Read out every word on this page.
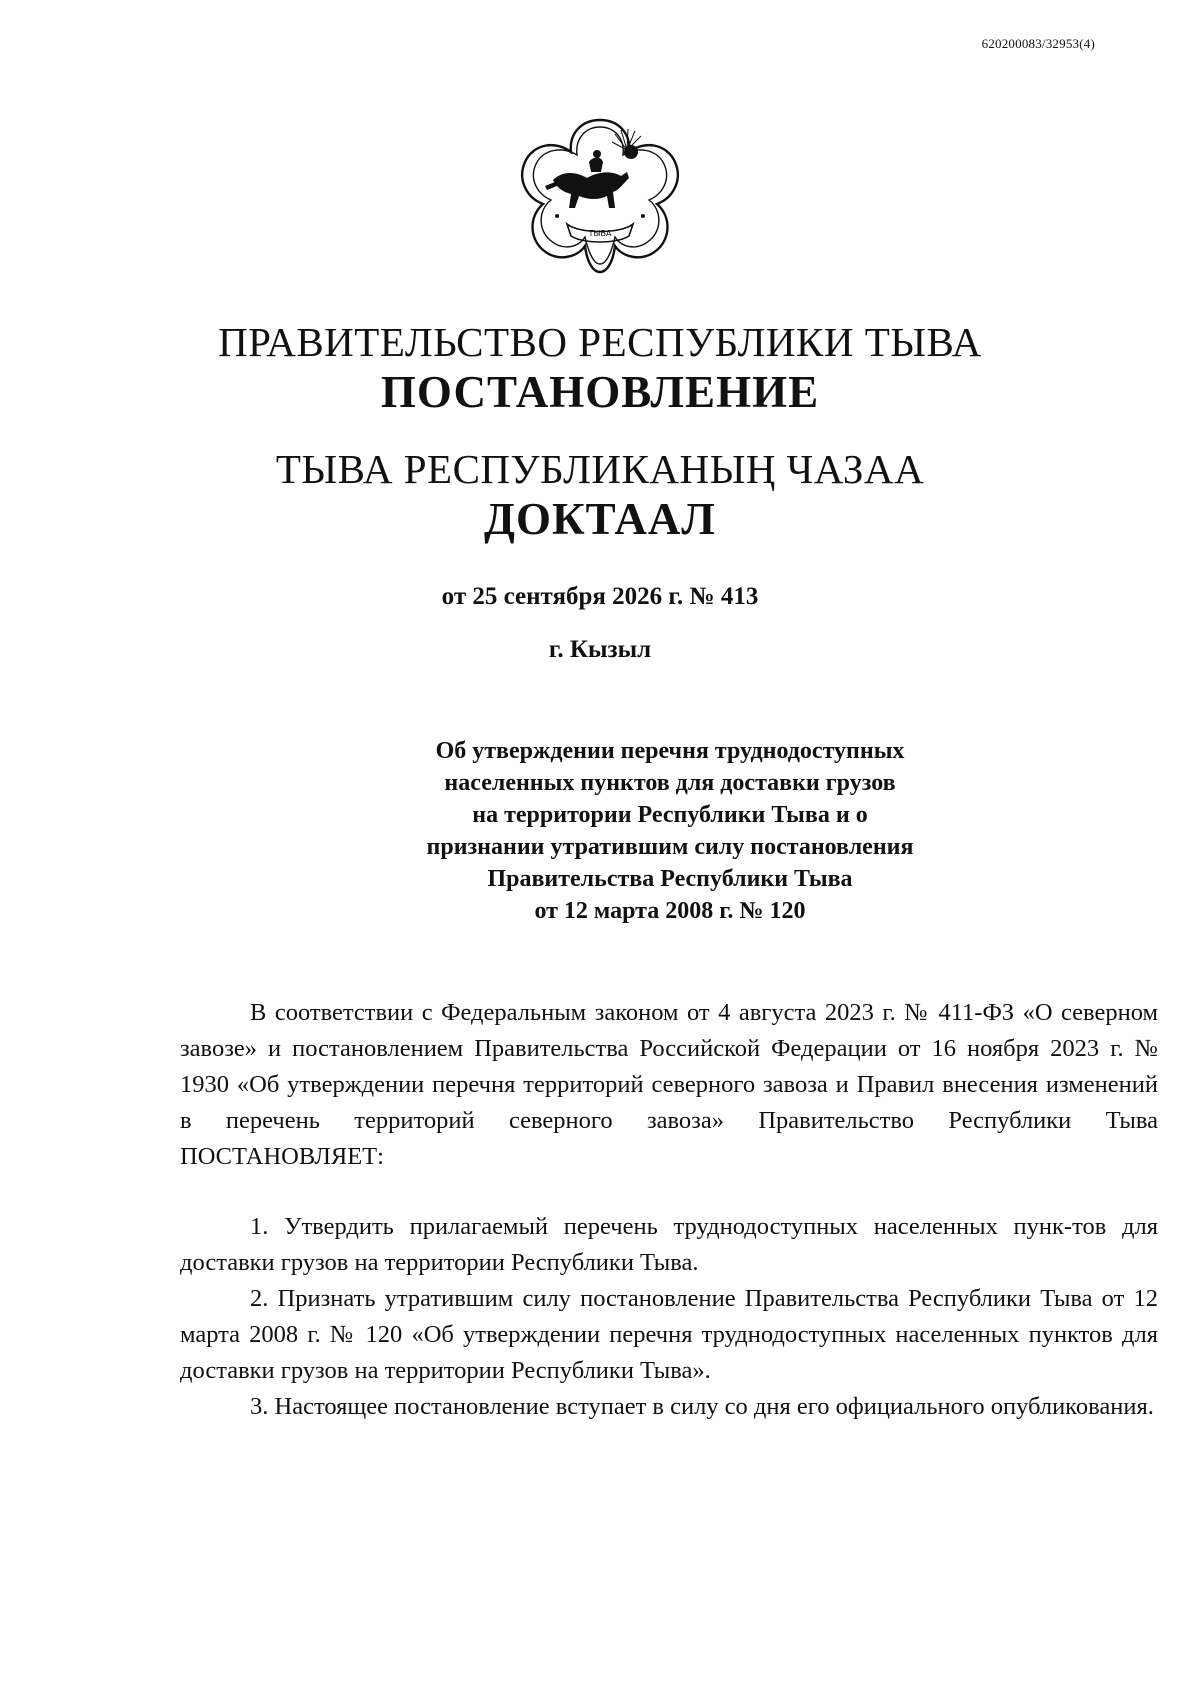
620200083/32953(4)
ТЫВА
ПРАВИТЕЛЬСТВО РЕСПУБЛИКИ ТЫВА
ПОСТАНОВЛЕНИЕ
ТЫВА РЕСПУБЛИКАНЫҢ ЧАЗАА
ДОКТААЛ
от 25 сентября 2026 г. № 413
г. Кызыл
Об утверждении перечня труднодоступных
населенных пунктов для доставки грузов
на территории Республики Тыва и о
признании утратившим силу постановления
Правительства Республики Тыва
от 12 марта 2008 г. № 120

В соответствии с Федеральным законом от 4 августа 2023 г. № 411-ФЗ «О северном завозе» и постановлением Правительства Российской Федерации от 16 ноября 2023 г. № 1930 «Об утверждении перечня территорий северного завоза и Правил внесения изменений в перечень территорий северного завоза» Правительство Республики Тыва ПОСТАНОВЛЯЕТ:

1. Утвердить прилагаемый перечень труднодоступных населенных пунк-тов для доставки грузов на территории Республики Тыва.

2. Признать утратившим силу постановление Правительства Республики Тыва от 12 марта 2008 г. № 120 «Об утверждении перечня труднодоступных населенных пунктов для доставки грузов на территории Республики Тыва».

3. Настоящее постановление вступает в силу со дня его официального опубликования.
